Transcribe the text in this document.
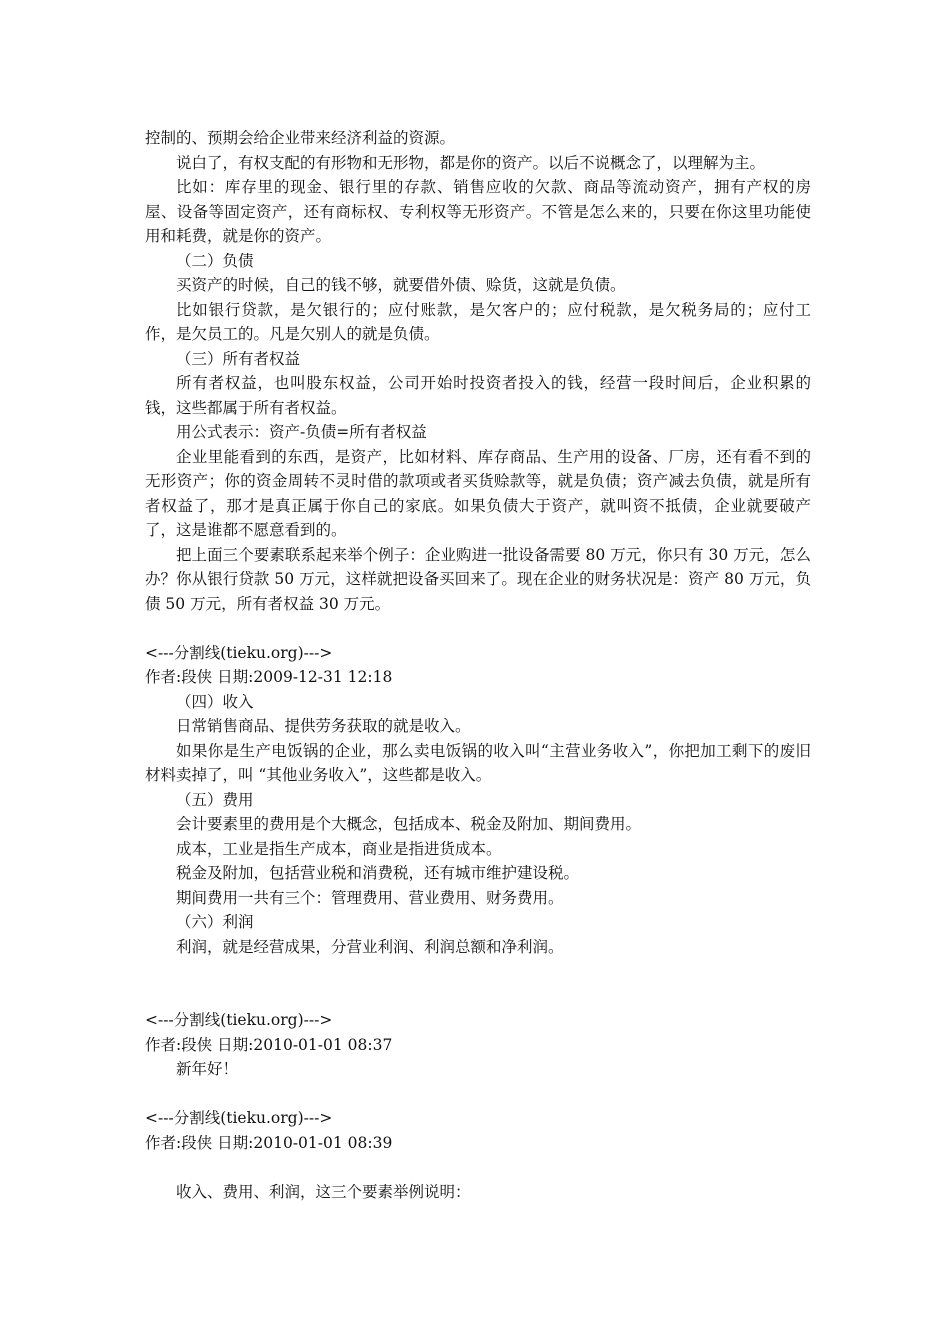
控制的、预期会给企业带来经济利益的资源。
说白了，有权支配的有形物和无形物，都是你的资产。以后不说概念了，以理解为主。
比如：库存里的现金、银行里的存款、销售应收的欠款、商品等流动资产，拥有产权的房屋、设备等固定资产，还有商标权、专利权等无形资产。不管是怎么来的，只要在你这里功能使用和耗费，就是你的资产。
（二）负债
买资产的时候，自己的钱不够，就要借外债、赊货，这就是负债。
比如银行贷款，是欠银行的；应付账款，是欠客户的；应付税款，是欠税务局的；应付工作，是欠员工的。凡是欠别人的就是负债。
（三）所有者权益
所有者权益，也叫股东权益，公司开始时投资者投入的钱，经营一段时间后，企业积累的钱，这些都属于所有者权益。
用公式表示：资产-负债=所有者权益
企业里能看到的东西，是资产，比如材料、库存商品、生产用的设备、厂房，还有看不到的无形资产；你的资金周转不灵时借的款项或者买货赊款等，就是负债；资产减去负债，就是所有者权益了，那才是真正属于你自己的家底。如果负债大于资产，就叫资不抵债，企业就要破产了，这是谁都不愿意看到的。
把上面三个要素联系起来举个例子：企业购进一批设备需要 80 万元，你只有 30 万元，怎么办？你从银行贷款 50 万元，这样就把设备买回来了。现在企业的财务状况是：资产 80 万元，负债 50 万元，所有者权益 30 万元。
<---分割线(tieku.org)--->
作者:段侠 日期:2009-12-31 12:18
（四）收入
日常销售商品、提供劳务获取的就是收入。
如果你是生产电饭锅的企业，那么卖电饭锅的收入叫“主营业务收入”，你把加工剩下的废旧材料卖掉了，叫 “其他业务收入”，这些都是收入。
（五）费用
会计要素里的费用是个大概念，包括成本、税金及附加、期间费用。
成本，工业是指生产成本，商业是指进货成本。
税金及附加，包括营业税和消费税，还有城市维护建设税。
期间费用一共有三个：管理费用、营业费用、财务费用。
（六）利润
利润，就是经营成果，分营业利润、利润总额和净利润。
<---分割线(tieku.org)--->
作者:段侠 日期:2010-01-01 08:37
新年好！
<---分割线(tieku.org)--->
作者:段侠 日期:2010-01-01 08:39
收入、费用、利润，这三个要素举例说明：
